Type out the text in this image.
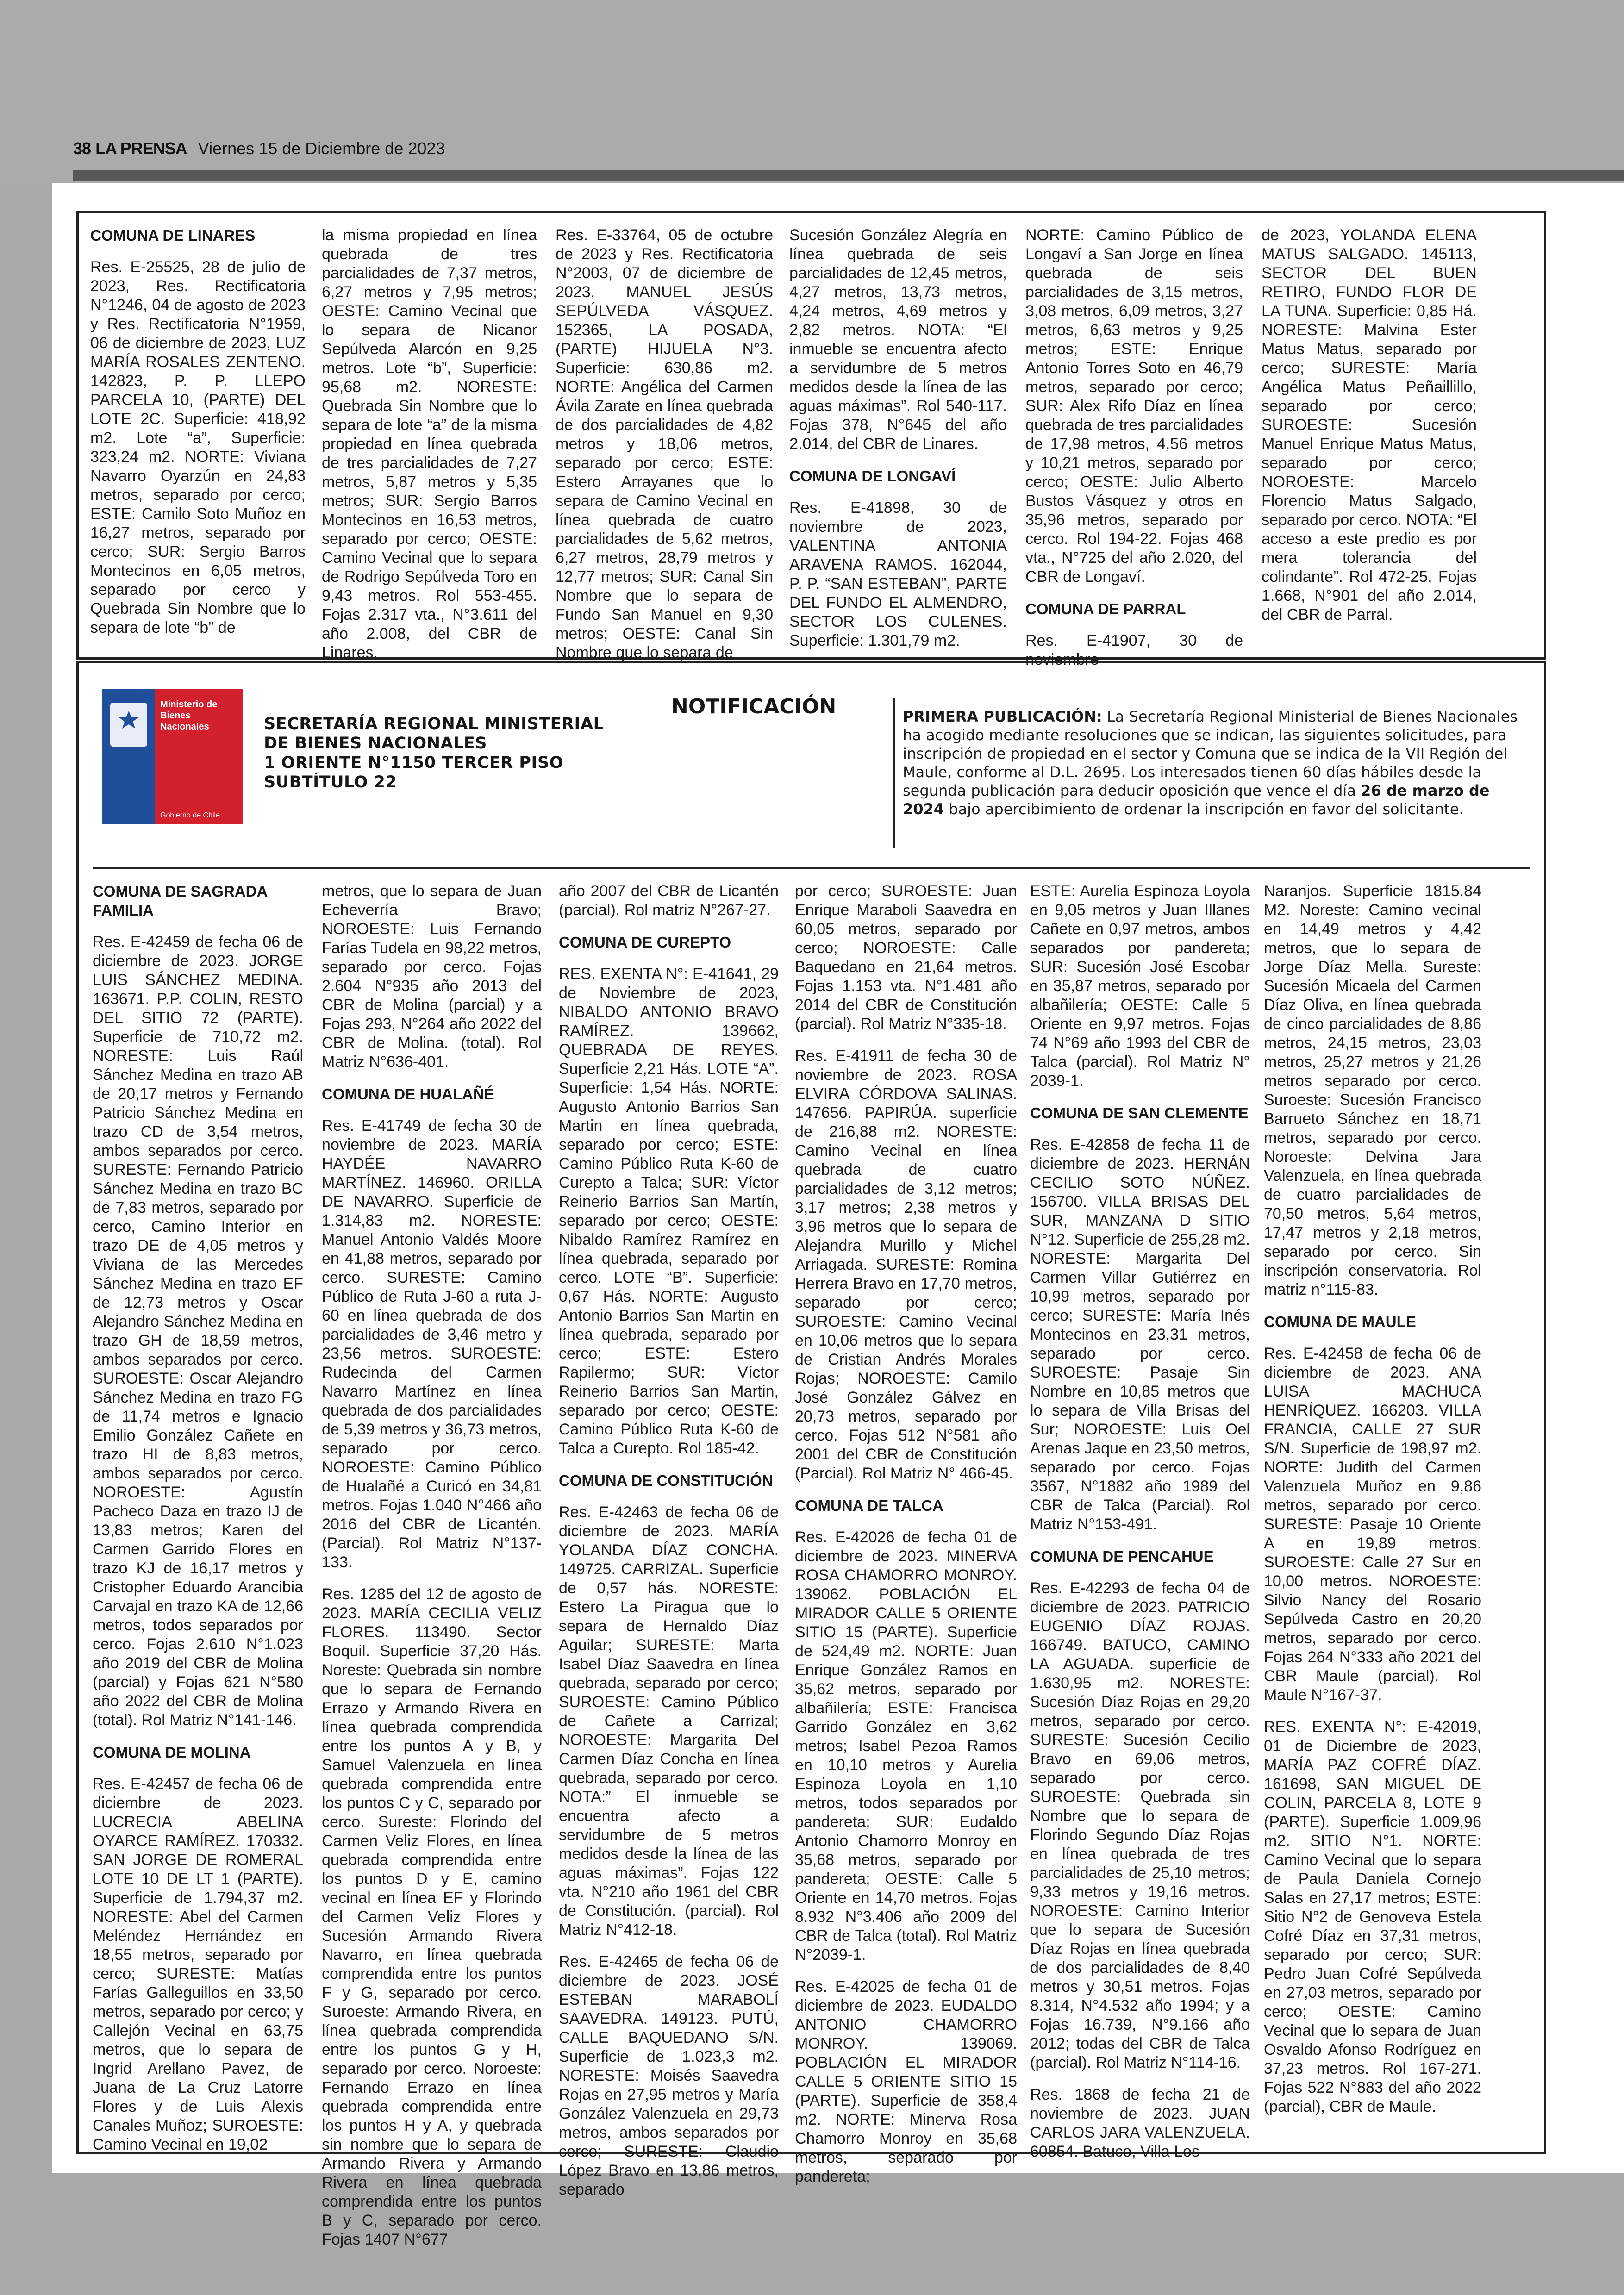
38 LA PRENSA Viernes 15 de Diciembre de 2023
COMUNA DE LINARES

Res. E-25525, 28 de julio de 2023, Res. Rectificatoria N°1246, 04 de agosto de 2023 y Res. Rectificatoria N°1959, 06 de diciembre de 2023, LUZ MARÍA ROSALES ZENTENO. 142823, P. P. LLEPO PARCELA 10, (PARTE) DEL LOTE 2C. Superficie: 418,92 m2. Lote “a”, Superficie: 323,24 m2. NORTE: Viviana Navarro Oyarzún en 24,83 metros, separado por cerco; ESTE: Camilo Soto Muñoz en 16,27 metros, separado por cerco; SUR: Sergio Barros Montecinos en 6,05 metros, separado por cerco y Quebrada Sin Nombre que lo separa de lote “b” de

la misma propiedad en línea quebrada de tres parcialidades de 7,37 metros, 6,27 metros y 7,95 metros; OESTE: Camino Vecinal que lo separa de Nicanor Sepúlveda Alarcón en 9,25 metros. Lote “b”, Superficie: 95,68 m2. NORESTE: Quebrada Sin Nombre que lo separa de lote “a” de la misma propiedad en línea quebrada de tres parcialidades de 7,27 metros, 5,87 metros y 5,35 metros; SUR: Sergio Barros Montecinos en 16,53 metros, separado por cerco; OESTE: Camino Vecinal que lo separa de Rodrigo Sepúlveda Toro en 9,43 metros. Rol 553-455. Fojas 2.317 vta., N°3.611 del año 2.008, del CBR de Linares.

Res. E-33764, 05 de octubre de 2023 y Res. Rectificatoria N°2003, 07 de diciembre de 2023, MANUEL JESÚS SEPÚLVEDA VÁSQUEZ. 152365, LA POSADA, (PARTE) HIJUELA N°3. Superficie: 630,86 m2. NORTE: Angélica del Carmen Ávila Zarate en línea quebrada de dos parcialidades de 4,82 metros y 18,06 metros, separado por cerco; ESTE: Estero Arrayanes que lo separa de Camino Vecinal en línea quebrada de cuatro parcialidades de 5,62 metros, 6,27 metros, 28,79 metros y 12,77 metros; SUR: Canal Sin Nombre que lo separa de Fundo San Manuel en 9,30 metros; OESTE: Canal Sin Nombre que lo separa de

Sucesión González Alegría en línea quebrada de seis parcialidades de 12,45 metros, 4,27 metros, 13,73 metros, 4,24 metros, 4,69 metros y 2,82 metros. NOTA: “El inmueble se encuentra afecto a servidumbre de 5 metros medidos desde la línea de las aguas máximas”. Rol 540-117. Fojas 378, N°645 del año 2.014, del CBR de Linares.

COMUNA DE LONGAVÍ

Res. E-41898, 30 de noviembre de 2023, VALENTINA ANTONIA ARAVENA RAMOS. 162044, P. P. “SAN ESTEBAN”, PARTE DEL FUNDO EL ALMENDRO, SECTOR LOS CULENES. Superficie: 1.301,79 m2.

NORTE: Camino Público de Longaví a San Jorge en línea quebrada de seis parcialidades de 3,15 metros, 3,08 metros, 6,09 metros, 3,27 metros, 6,63 metros y 9,25 metros; ESTE: Enrique Antonio Torres Soto en 46,79 metros, separado por cerco; SUR: Alex Rifo Díaz en línea quebrada de tres parcialidades de 17,98 metros, 4,56 metros y 10,21 metros, separado por cerco; OESTE: Julio Alberto Bustos Vásquez y otros en 35,96 metros, separado por cerco. Rol 194-22. Fojas 468 vta., N°725 del año 2.020, del CBR de Longaví.

COMUNA DE PARRAL

Res. E-41907, 30 de noviembre

de 2023, YOLANDA ELENA MATUS SALGADO. 145113, SECTOR DEL BUEN RETIRO, FUNDO FLOR DE LA TUNA. Superficie: 0,85 Há. NORESTE: Malvina Ester Matus Matus, separado por cerco; SURESTE: María Angélica Matus Peñaillillo, separado por cerco; SUROESTE: Sucesión Manuel Enrique Matus Matus, separado por cerco; NOROESTE: Marcelo Florencio Matus Salgado, separado por cerco. NOTA: “El acceso a este predio es por mera tolerancia del colindante”. Rol 472-25. Fojas 1.668, N°901 del año 2.014, del CBR de Parral.

Ministerio de
Bienes
Nacionales
Gobierno de Chile
SECRETARÍA REGIONAL MINISTERIAL
DE BIENES NACIONALES
1 ORIENTE N°1150 TERCER PISO
SUBTÍTULO 22
NOTIFICACIÓN	PRIMERA PUBLICACIÓN: La Secretaría Regional Ministerial de Bienes Nacionales ha acogido mediante resoluciones que se indican, las siguientes solicitudes, para inscripción de propiedad en el sector y Comuna que se indica de la VII Región del Maule, conforme al D.L. 2695. Los interesados tienen 60 días hábiles desde la segunda publicación para deducir oposición que vence el día 26 de marzo de 2024 bajo apercibimiento de ordenar la inscripción en favor del solicitante.
COMUNA DE SAGRADA FAMILIA

Res. E-42459 de fecha 06 de diciembre de 2023. JORGE LUIS SÁNCHEZ MEDINA. 163671. P.P. COLIN, RESTO DEL SITIO 72 (PARTE). Superficie de 710,72 m2. NORESTE: Luis Raúl Sánchez Medina en trazo AB de 20,17 metros y Fernando Patricio Sánchez Medina en trazo CD de 3,54 metros, ambos separados por cerco. SURESTE: Fernando Patricio Sánchez Medina en trazo BC de 7,83 metros, separado por cerco, Camino Interior en trazo DE de 4,05 metros y Viviana de las Mercedes Sánchez Medina en trazo EF de 12,73 metros y Oscar Alejandro Sánchez Medina en trazo GH de 18,59 metros, ambos separados por cerco. SUROESTE: Oscar Alejandro Sánchez Medina en trazo FG de 11,74 metros e Ignacio Emilio González Cañete en trazo HI de 8,83 metros, ambos separados por cerco. NOROESTE: Agustín Pacheco Daza en trazo IJ de 13,83 metros; Karen del Carmen Garrido Flores en trazo KJ de 16,17 metros y Cristopher Eduardo Arancibia Carvajal en trazo KA de 12,66 metros, todos separados por cerco. Fojas 2.610 N°1.023 año 2019 del CBR de Molina (parcial) y Fojas 621 N°580 año 2022 del CBR de Molina (total). Rol Matriz N°141-146.

COMUNA DE MOLINA

Res. E-42457 de fecha 06 de diciembre de 2023. LUCRECIA ABELINA OYARCE RAMÍREZ. 170332. SAN JORGE DE ROMERAL LOTE 10 DE LT 1 (PARTE). Superficie de 1.794,37 m2. NORESTE: Abel del Carmen Meléndez Hernández en 18,55 metros, separado por cerco; SURESTE: Matías Farías Galleguillos en 33,50 metros, separado por cerco; y Callejón Vecinal en 63,75 metros, que lo separa de Ingrid Arellano Pavez, de Juana de La Cruz Latorre Flores y de Luis Alexis Canales Muñoz; SUROESTE: Camino Vecinal en 19,02

metros, que lo separa de Juan Echeverría Bravo; NOROESTE: Luis Fernando Farías Tudela en 98,22 metros, separado por cerco. Fojas 2.604 N°935 año 2013 del CBR de Molina (parcial) y a Fojas 293, N°264 año 2022 del CBR de Molina. (total). Rol Matriz N°636-401.

COMUNA DE HUALAÑÉ

Res. E-41749 de fecha 30 de noviembre de 2023. MARÍA HAYDÉE NAVARRO MARTÍNEZ. 146960. ORILLA DE NAVARRO. Superficie de 1.314,83 m2. NORESTE: Manuel Antonio Valdés Moore en 41,88 metros, separado por cerco. SURESTE: Camino Público de Ruta J-60 a ruta J-60 en línea quebrada de dos parcialidades de 3,46 metro y 23,56 metros. SUROESTE: Rudecinda del Carmen Navarro Martínez en línea quebrada de dos parcialidades de 5,39 metros y 36,73 metros, separado por cerco. NOROESTE: Camino Público de Hualañé a Curicó en 34,81 metros. Fojas 1.040 N°466 año 2016 del CBR de Licantén. (Parcial). Rol Matriz N°137-133.

Res. 1285 del 12 de agosto de 2023. MARÍA CECILIA VELIZ FLORES. 113490. Sector Boquil. Superficie 37,20 Hás. Noreste: Quebrada sin nombre que lo separa de Fernando Errazo y Armando Rivera en línea quebrada comprendida entre los puntos A y B, y Samuel Valenzuela en línea quebrada comprendida entre los puntos C y C, separado por cerco. Sureste: Florindo del Carmen Veliz Flores, en línea quebrada comprendida entre los puntos D y E, camino vecinal en línea EF y Florindo del Carmen Veliz Flores y Sucesión Armando Rivera Navarro, en línea quebrada comprendida entre los puntos F y G, separado por cerco. Suroeste: Armando Rivera, en línea quebrada comprendida entre los puntos G y H, separado por cerco. Noroeste: Fernando Errazo en línea quebrada comprendida entre los puntos H y A, y quebrada sin nombre que lo separa de Armando Rivera y Armando Rivera en línea quebrada comprendida entre los puntos B y C, separado por cerco. Fojas 1407 N°677

año 2007 del CBR de Licantén (parcial). Rol matriz N°267-27.

COMUNA DE CUREPTO

RES. EXENTA N°: E-41641, 29 de Noviembre de 2023, NIBALDO ANTONIO BRAVO RAMÍREZ. 139662, QUEBRADA DE REYES. Superficie 2,21 Hás. LOTE “A”. Superficie: 1,54 Hás. NORTE: Augusto Antonio Barrios San Martin en línea quebrada, separado por cerco; ESTE: Camino Público Ruta K-60 de Curepto a Talca; SUR: Víctor Reinerio Barrios San Martín, separado por cerco; OESTE: Nibaldo Ramírez Ramírez en línea quebrada, separado por cerco. LOTE “B”. Superficie: 0,67 Hás. NORTE: Augusto Antonio Barrios San Martin en línea quebrada, separado por cerco; ESTE: Estero Rapilermo; SUR: Víctor Reinerio Barrios San Martin, separado por cerco; OESTE: Camino Público Ruta K-60 de Talca a Curepto. Rol 185-42.

COMUNA DE CONSTITUCIÓN

Res. E-42463 de fecha 06 de diciembre de 2023. MARÍA YOLANDA DÍAZ CONCHA. 149725. CARRIZAL. Superficie de 0,57 hás. NORESTE: Estero La Piragua que lo separa de Hernaldo Díaz Aguilar; SURESTE: Marta Isabel Díaz Saavedra en línea quebrada, separado por cerco; SUROESTE: Camino Público de Cañete a Carrizal; NOROESTE: Margarita Del Carmen Díaz Concha en línea quebrada, separado por cerco. NOTA:” El inmueble se encuentra afecto a servidumbre de 5 metros medidos desde la línea de las aguas máximas”. Fojas 122 vta. N°210 año 1961 del CBR de Constitución. (parcial). Rol Matriz N°412-18.

Res. E-42465 de fecha 06 de diciembre de 2023. JOSÉ ESTEBAN MARABOLÍ SAAVEDRA. 149123. PUTÚ, CALLE BAQUEDANO S/N. Superficie de 1.023,3 m2. NORESTE: Moisés Saavedra Rojas en 27,95 metros y María González Valenzuela en 29,73 metros, ambos separados por cerco; SURESTE: Claudio López Bravo en 13,86 metros, separado

por cerco; SUROESTE: Juan Enrique Maraboli Saavedra en 60,05 metros, separado por cerco; NOROESTE: Calle Baquedano en 21,64 metros. Fojas 1.153 vta. N°1.481 año 2014 del CBR de Constitución (parcial). Rol Matriz N°335-18.

Res. E-41911 de fecha 30 de noviembre de 2023. ROSA ELVIRA CÓRDOVA SALINAS. 147656. PAPIRÚA. superficie de 216,88 m2. NORESTE: Camino Vecinal en línea quebrada de cuatro parcialidades de 3,12 metros; 3,17 metros; 2,38 metros y 3,96 metros que lo separa de Alejandra Murillo y Michel Arriagada. SURESTE: Romina Herrera Bravo en 17,70 metros, separado por cerco; SUROESTE: Camino Vecinal en 10,06 metros que lo separa de Cristian Andrés Morales Rojas; NOROESTE: Camilo José González Gálvez en 20,73 metros, separado por cerco. Fojas 512 N°581 año 2001 del CBR de Constitución (Parcial). Rol Matriz N° 466-45.

COMUNA DE TALCA

Res. E-42026 de fecha 01 de diciembre de 2023. MINERVA ROSA CHAMORRO MONROY. 139062. POBLACIÓN EL MIRADOR CALLE 5 ORIENTE SITIO 15 (PARTE). Superficie de 524,49 m2. NORTE: Juan Enrique González Ramos en 35,62 metros, separado por albañilería; ESTE: Francisca Garrido González en 3,62 metros; Isabel Pezoa Ramos en 10,10 metros y Aurelia Espinoza Loyola en 1,10 metros, todos separados por pandereta; SUR: Eudaldo Antonio Chamorro Monroy en 35,68 metros, separado por pandereta; OESTE: Calle 5 Oriente en 14,70 metros. Fojas 8.932 N°3.406 año 2009 del CBR de Talca (total). Rol Matriz N°2039-1.

Res. E-42025 de fecha 01 de diciembre de 2023. EUDALDO ANTONIO CHAMORRO MONROY. 139069. POBLACIÓN EL MIRADOR CALLE 5 ORIENTE SITIO 15 (PARTE). Superficie de 358,4 m2. NORTE: Minerva Rosa Chamorro Monroy en 35,68 metros, separado por pandereta;

ESTE: Aurelia Espinoza Loyola en 9,05 metros y Juan Illanes Cañete en 0,97 metros, ambos separados por pandereta; SUR: Sucesión José Escobar en 35,87 metros, separado por albañilería; OESTE: Calle 5 Oriente en 9,97 metros. Fojas 74 N°69 año 1993 del CBR de Talca (parcial). Rol Matriz N° 2039-1.

COMUNA DE SAN CLEMENTE

Res. E-42858 de fecha 11 de diciembre de 2023. HERNÁN CECILIO SOTO NÚÑEZ. 156700. VILLA BRISAS DEL SUR, MANZANA D SITIO N°12. Superficie de 255,28 m2. NORESTE: Margarita Del Carmen Villar Gutiérrez en 10,99 metros, separado por cerco; SURESTE: María Inés Montecinos en 23,31 metros, separado por cerco. SUROESTE: Pasaje Sin Nombre en 10,85 metros que lo separa de Villa Brisas del Sur; NOROESTE: Luis Oel Arenas Jaque en 23,50 metros, separado por cerco. Fojas 3567, N°1882 año 1989 del CBR de Talca (Parcial). Rol Matriz N°153-491.

COMUNA DE PENCAHUE

Res. E-42293 de fecha 04 de diciembre de 2023. PATRICIO EUGENIO DÍAZ ROJAS. 166749. BATUCO, CAMINO LA AGUADA. superficie de 1.630,95 m2. NORESTE: Sucesión Díaz Rojas en 29,20 metros, separado por cerco. SURESTE: Sucesión Cecilio Bravo en 69,06 metros, separado por cerco. SUROESTE: Quebrada sin Nombre que lo separa de Florindo Segundo Díaz Rojas en línea quebrada de tres parcialidades de 25,10 metros; 9,33 metros y 19,16 metros. NOROESTE: Camino Interior que lo separa de Sucesión Díaz Rojas en línea quebrada de dos parcialidades de 8,40 metros y 30,51 metros. Fojas 8.314, N°4.532 año 1994; y a Fojas 16.739, N°9.166 año 2012; todas del CBR de Talca (parcial). Rol Matriz N°114-16.

Res. 1868 de fecha 21 de noviembre de 2023. JUAN CARLOS JARA VALENZUELA. 60854. Batuco, Villa Los

Naranjos. Superficie 1815,84 M2. Noreste: Camino vecinal en 14,49 metros y 4,42 metros, que lo separa de Jorge Díaz Mella. Sureste: Sucesión Micaela del Carmen Díaz Oliva, en línea quebrada de cinco parcialidades de 8,86 metros, 24,15 metros, 23,03 metros, 25,27 metros y 21,26 metros separado por cerco. Suroeste: Sucesión Francisco Barrueto Sánchez en 18,71 metros, separado por cerco. Noroeste: Delvina Jara Valenzuela, en línea quebrada de cuatro parcialidades de 70,50 metros, 5,64 metros, 17,47 metros y 2,18 metros, separado por cerco. Sin inscripción conservatoria. Rol matriz n°115-83.

COMUNA DE MAULE

Res. E-42458 de fecha 06 de diciembre de 2023. ANA LUISA MACHUCA HENRÍQUEZ. 166203. VILLA FRANCIA, CALLE 27 SUR S/N. Superficie de 198,97 m2. NORTE: Judith del Carmen Valenzuela Muñoz en 9,86 metros, separado por cerco. SURESTE: Pasaje 10 Oriente A en 19,89 metros. SUROESTE: Calle 27 Sur en 10,00 metros. NOROESTE: Silvio Nancy del Rosario Sepúlveda Castro en 20,20 metros, separado por cerco. Fojas 264 N°333 año 2021 del CBR Maule (parcial). Rol Maule N°167-37.

RES. EXENTA N°: E-42019, 01 de Diciembre de 2023, MARÍA PAZ COFRÉ DÍAZ. 161698, SAN MIGUEL DE COLIN, PARCELA 8, LOTE 9 (PARTE). Superficie 1.009,96 m2. SITIO N°1. NORTE: Camino Vecinal que lo separa de Paula Daniela Cornejo Salas en 27,17 metros; ESTE: Sitio N°2 de Genoveva Estela Cofré Díaz en 37,31 metros, separado por cerco; SUR: Pedro Juan Cofré Sepúlveda en 27,03 metros, separado por cerco; OESTE: Camino Vecinal que lo separa de Juan Osvaldo Afonso Rodríguez en 37,23 metros. Rol 167-271. Fojas 522 N°883 del año 2022 (parcial), CBR de Maule.
